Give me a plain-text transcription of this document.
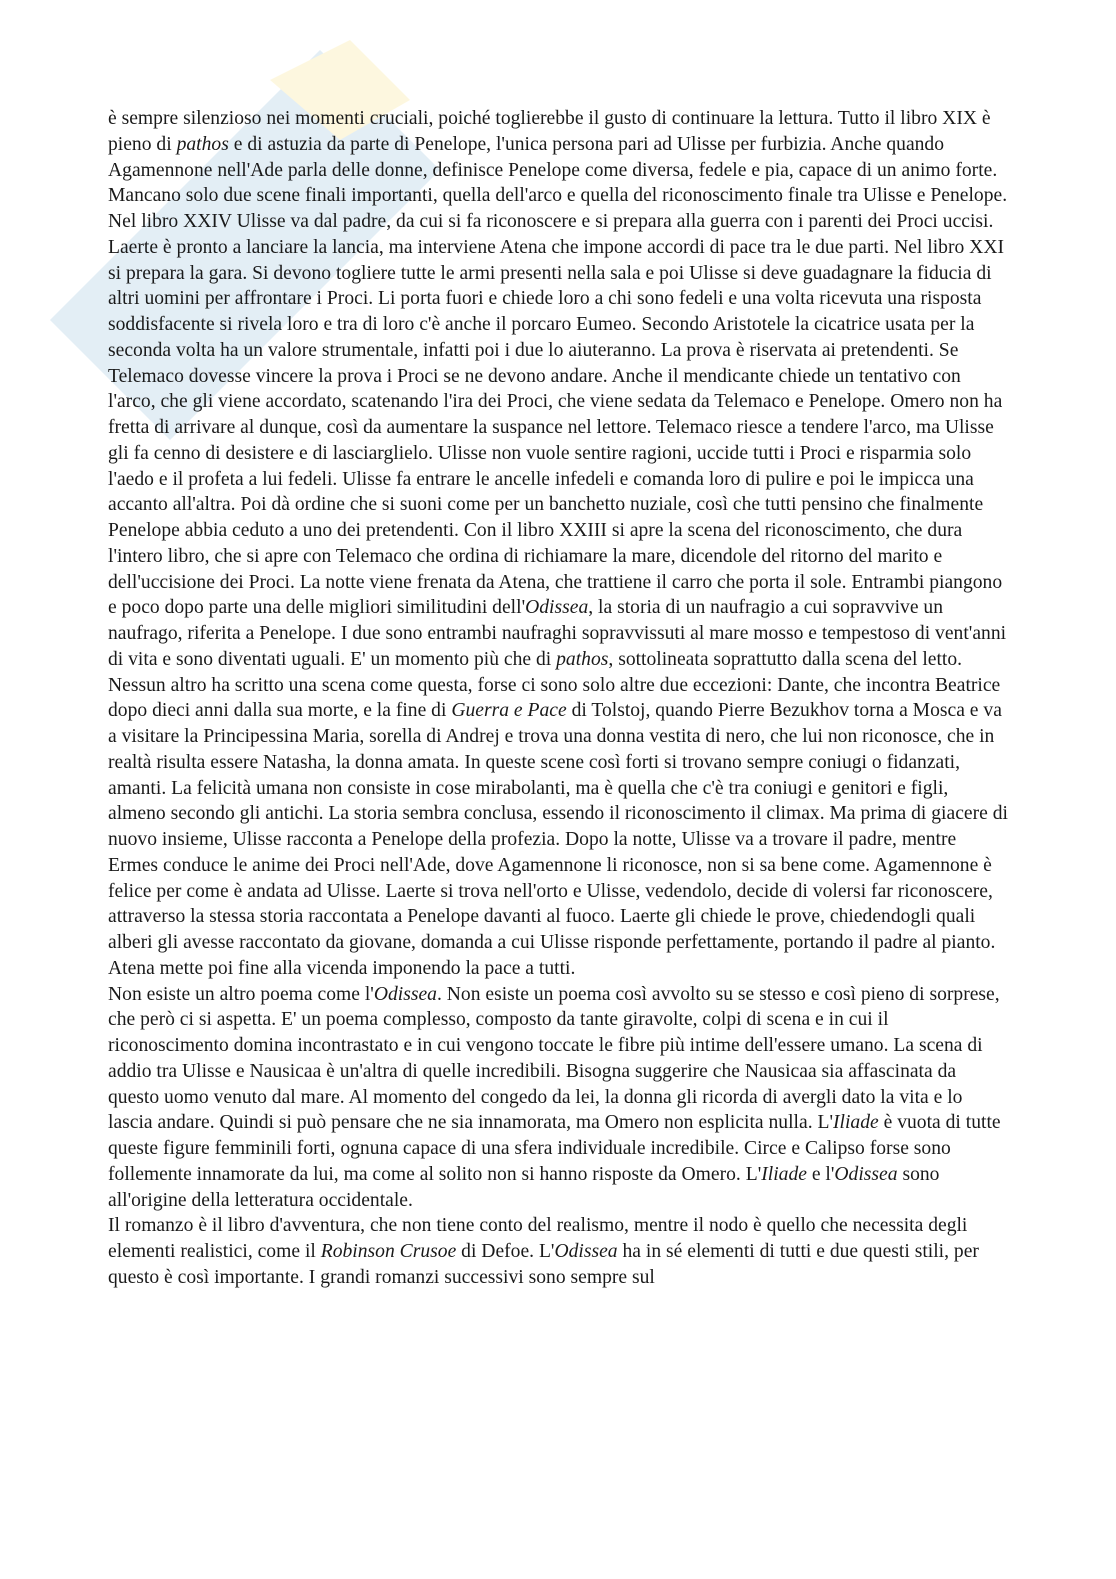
è sempre silenzioso nei momenti cruciali, poiché toglierebbe il gusto di continuare la lettura. Tutto il libro XIX è pieno di pathos e di astuzia da parte di Penelope, l'unica persona pari ad Ulisse per furbizia. Anche quando Agamennone nell'Ade parla delle donne, definisce Penelope come diversa, fedele e pia, capace di un animo forte. Mancano solo due scene finali importanti, quella dell'arco e quella del riconoscimento finale tra Ulisse e Penelope. Nel libro XXIV Ulisse va dal padre, da cui si fa riconoscere e si prepara alla guerra con i parenti dei Proci uccisi. Laerte è pronto a lanciare la lancia, ma interviene Atena che impone accordi di pace tra le due parti. Nel libro XXI si prepara la gara. Si devono togliere tutte le armi presenti nella sala e poi Ulisse si deve guadagnare la fiducia di altri uomini per affrontare i Proci. Li porta fuori e chiede loro a chi sono fedeli e una volta ricevuta una risposta soddisfacente si rivela loro e tra di loro c'è anche il porcaro Eumeo. Secondo Aristotele la cicatrice usata per la seconda volta ha un valore strumentale, infatti poi i due lo aiuteranno. La prova è riservata ai pretendenti. Se Telemaco dovesse vincere la prova i Proci se ne devono andare. Anche il mendicante chiede un tentativo con l'arco, che gli viene accordato, scatenando l'ira dei Proci, che viene sedata da Telemaco e Penelope. Omero non ha fretta di arrivare al dunque, così da aumentare la suspance nel lettore. Telemaco riesce a tendere l'arco, ma Ulisse gli fa cenno di desistere e di lasciarglielo. Ulisse non vuole sentire ragioni, uccide tutti i Proci e risparmia solo l'aedo e il profeta a lui fedeli. Ulisse fa entrare le ancelle infedeli e comanda loro di pulire e poi le impicca una accanto all'altra. Poi dà ordine che si suoni come per un banchetto nuziale, così che tutti pensino che finalmente Penelope abbia ceduto a uno dei pretendenti. Con il libro XXIII si apre la scena del riconoscimento, che dura l'intero libro, che si apre con Telemaco che ordina di richiamare la mare, dicendole del ritorno del marito e dell'uccisione dei Proci. La notte viene frenata da Atena, che trattiene il carro che porta il sole. Entrambi piangono e poco dopo parte una delle migliori similitudini dell'Odissea, la storia di un naufragio a cui sopravvive un naufrago, riferita a Penelope. I due sono entrambi naufraghi sopravvissuti al mare mosso e tempestoso di vent'anni di vita e sono diventati uguali. E' un momento più che di pathos, sottolineata soprattutto dalla scena del letto. Nessun altro ha scritto una scena come questa, forse ci sono solo altre due eccezioni: Dante, che incontra Beatrice dopo dieci anni dalla sua morte, e la fine di Guerra e Pace di Tolstoj, quando Pierre Bezukhov torna a Mosca e va a visitare la Principessina Maria, sorella di Andrej e trova una donna vestita di nero, che lui non riconosce, che in realtà risulta essere Natasha, la donna amata. In queste scene così forti si trovano sempre coniugi o fidanzati, amanti. La felicità umana non consiste in cose mirabolanti, ma è quella che c'è tra coniugi e genitori e figli, almeno secondo gli antichi. La storia sembra conclusa, essendo il riconoscimento il climax. Ma prima di giacere di nuovo insieme, Ulisse racconta a Penelope della profezia. Dopo la notte, Ulisse va a trovare il padre, mentre Ermes conduce le anime dei Proci nell'Ade, dove Agamennone li riconosce, non si sa bene come. Agamennone è felice per come è andata ad Ulisse. Laerte si trova nell'orto e Ulisse, vedendolo, decide di volersi far riconoscere, attraverso la stessa storia raccontata a Penelope davanti al fuoco. Laerte gli chiede le prove, chiedendogli quali alberi gli avesse raccontato da giovane, domanda a cui Ulisse risponde perfettamente, portando il padre al pianto. Atena mette poi fine alla vicenda imponendo la pace a tutti.

Non esiste un altro poema come l'Odissea. Non esiste un poema così avvolto su se stesso e così pieno di sorprese, che però ci si aspetta. E' un poema complesso, composto da tante giravolte, colpi di scena e in cui il riconoscimento domina incontrastato e in cui vengono toccate le fibre più intime dell'essere umano. La scena di addio tra Ulisse e Nausicaa è un'altra di quelle incredibili. Bisogna suggerire che Nausicaa sia affascinata da questo uomo venuto dal mare. Al momento del congedo da lei, la donna gli ricorda di avergli dato la vita e lo lascia andare. Quindi si può pensare che ne sia innamorata, ma Omero non esplicita nulla. L'Iliade è vuota di tutte queste figure femminili forti, ognuna capace di una sfera individuale incredibile. Circe e Calipso forse sono follemente innamorate da lui, ma come al solito non si hanno risposte da Omero. L'Iliade e l'Odissea sono all'origine della letteratura occidentale.

Il romanzo è il libro d'avventura, che non tiene conto del realismo, mentre il nodo è quello che necessita degli elementi realistici, come il Robinson Crusoe di Defoe. L'Odissea ha in sé elementi di tutti e due questi stili, per questo è così importante. I grandi romanzi successivi sono sempre sul
